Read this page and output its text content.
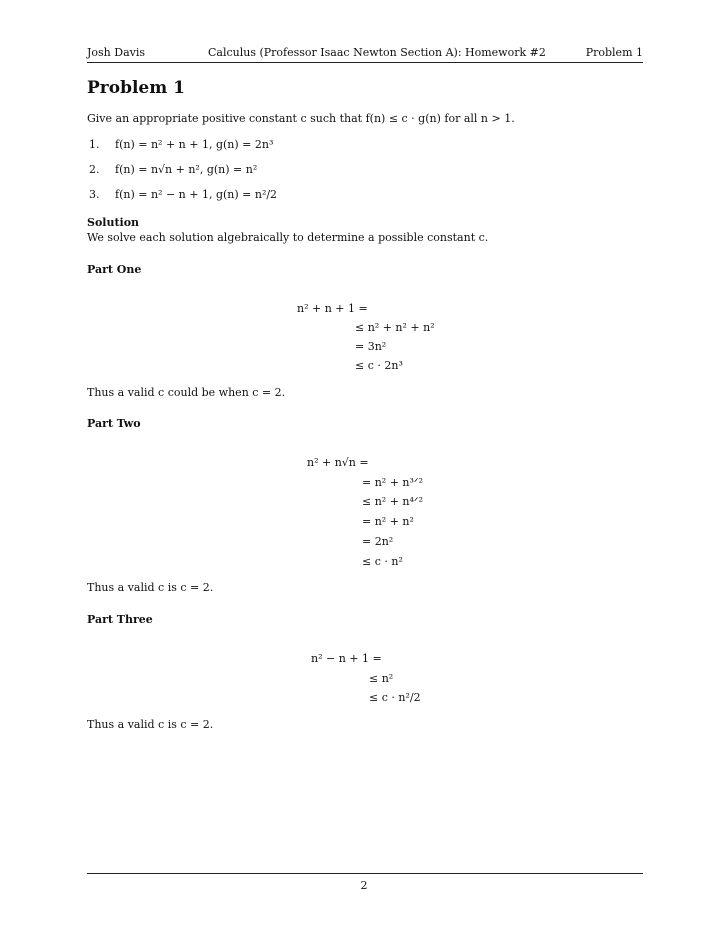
Josh Davis	Calculus (Professor Isaac Newton Section A): Homework #2	Problem 1
Problem 1
Give an appropriate positive constant c such that f(n) ≤ c · g(n) for all n > 1.
1. f(n) = n² + n + 1, g(n) = 2n³
2. f(n) = n√n + n², g(n) = n²
3. f(n) = n² − n + 1, g(n) = n²/2
Solution
We solve each solution algebraically to determine a possible constant c.
Part One
n² + n + 1 =
≤ n² + n² + n²
= 3n²
≤ c · 2n³
Thus a valid c could be when c = 2.
Part Two
n² + n√n =
= n² + n³ᐟ²
≤ n² + n⁴ᐟ²
= n² + n²
= 2n²
≤ c · n²
Thus a valid c is c = 2.
Part Three
n² − n + 1 =
≤ n²
≤ c · n²/2
Thus a valid c is c = 2.
2
